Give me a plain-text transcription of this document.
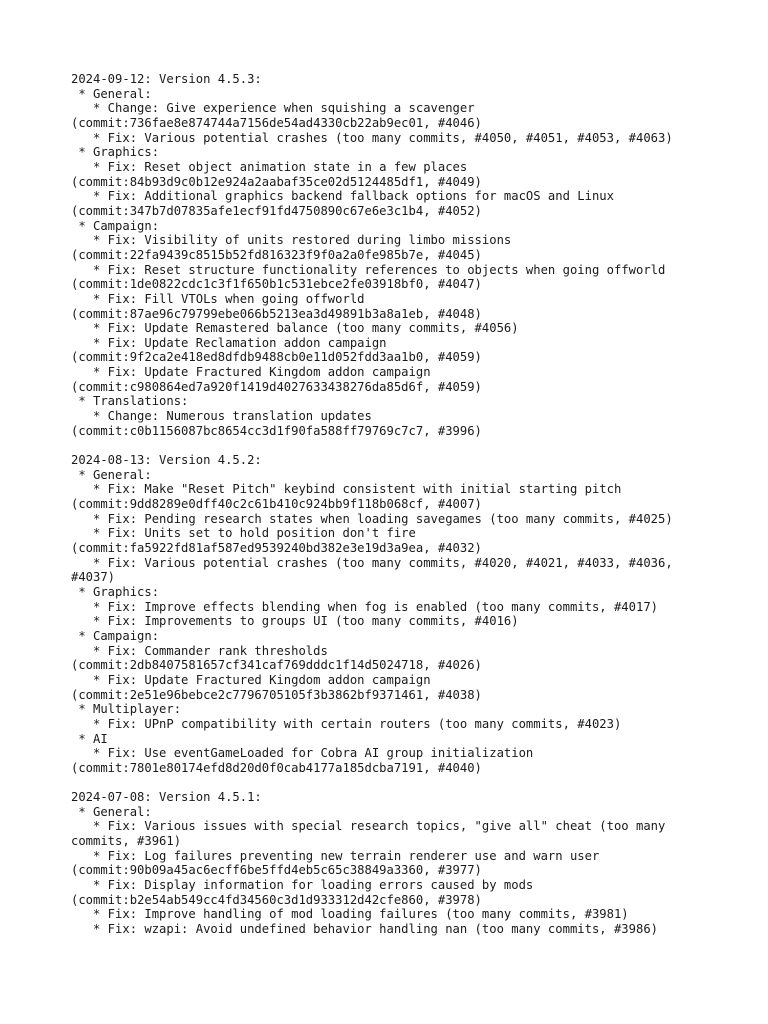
2024-09-12: Version 4.5.3:
* General:
* Change: Give experience when squishing a scavenger
(commit:736fae8e874744a7156de54ad4330cb22ab9ec01, #4046)
* Fix: Various potential crashes (too many commits, #4050, #4051, #4053, #4063)
* Graphics:
* Fix: Reset object animation state in a few places
(commit:84b93d9c0b12e924a2aabaf35ce02d5124485df1, #4049)
* Fix: Additional graphics backend fallback options for macOS and Linux
(commit:347b7d07835afe1ecf91fd4750890c67e6e3c1b4, #4052)
* Campaign:
* Fix: Visibility of units restored during limbo missions
(commit:22fa9439c8515b52fd816323f9f0a2a0fe985b7e, #4045)
* Fix: Reset structure functionality references to objects when going offworld
(commit:1de0822cdc1c3f1f650b1c531ebce2fe03918bf0, #4047)
* Fix: Fill VTOLs when going offworld
(commit:87ae96c79799ebe066b5213ea3d49891b3a8a1eb, #4048)
* Fix: Update Remastered balance (too many commits, #4056)
* Fix: Update Reclamation addon campaign
(commit:9f2ca2e418ed8dfdb9488cb0e11d052fdd3aa1b0, #4059)
* Fix: Update Fractured Kingdom addon campaign
(commit:c980864ed7a920f1419d4027633438276da85d6f, #4059)
* Translations:
* Change: Numerous translation updates
(commit:c0b1156087bc8654cc3d1f90fa588ff79769c7c7, #3996)
2024-08-13: Version 4.5.2:
* General:
* Fix: Make "Reset Pitch" keybind consistent with initial starting pitch
(commit:9dd8289e0dff40c2c61b410c924bb9f118b068cf, #4007)
* Fix: Pending research states when loading savegames (too many commits, #4025)
* Fix: Units set to hold position don't fire
(commit:fa5922fd81af587ed9539240bd382e3e19d3a9ea, #4032)
* Fix: Various potential crashes (too many commits, #4020, #4021, #4033, #4036,
#4037)
* Graphics:
* Fix: Improve effects blending when fog is enabled (too many commits, #4017)
* Fix: Improvements to groups UI (too many commits, #4016)
* Campaign:
* Fix: Commander rank thresholds
(commit:2db8407581657cf341caf769dddc1f14d5024718, #4026)
* Fix: Update Fractured Kingdom addon campaign
(commit:2e51e96bebce2c7796705105f3b3862bf9371461, #4038)
* Multiplayer:
* Fix: UPnP compatibility with certain routers (too many commits, #4023)
* AI
* Fix: Use eventGameLoaded for Cobra AI group initialization
(commit:7801e80174efd8d20d0f0cab4177a185dcba7191, #4040)
2024-07-08: Version 4.5.1:
* General:
* Fix: Various issues with special research topics, "give all" cheat (too many
commits, #3961)
* Fix: Log failures preventing new terrain renderer use and warn user
(commit:90b09a45ac6ecff6be5ffd4eb5c65c38849a3360, #3977)
* Fix: Display information for loading errors caused by mods
(commit:b2e54ab549cc4fd34560c3d1d933312d42cfe860, #3978)
* Fix: Improve handling of mod loading failures (too many commits, #3981)
* Fix: wzapi: Avoid undefined behavior handling nan (too many commits, #3986)
